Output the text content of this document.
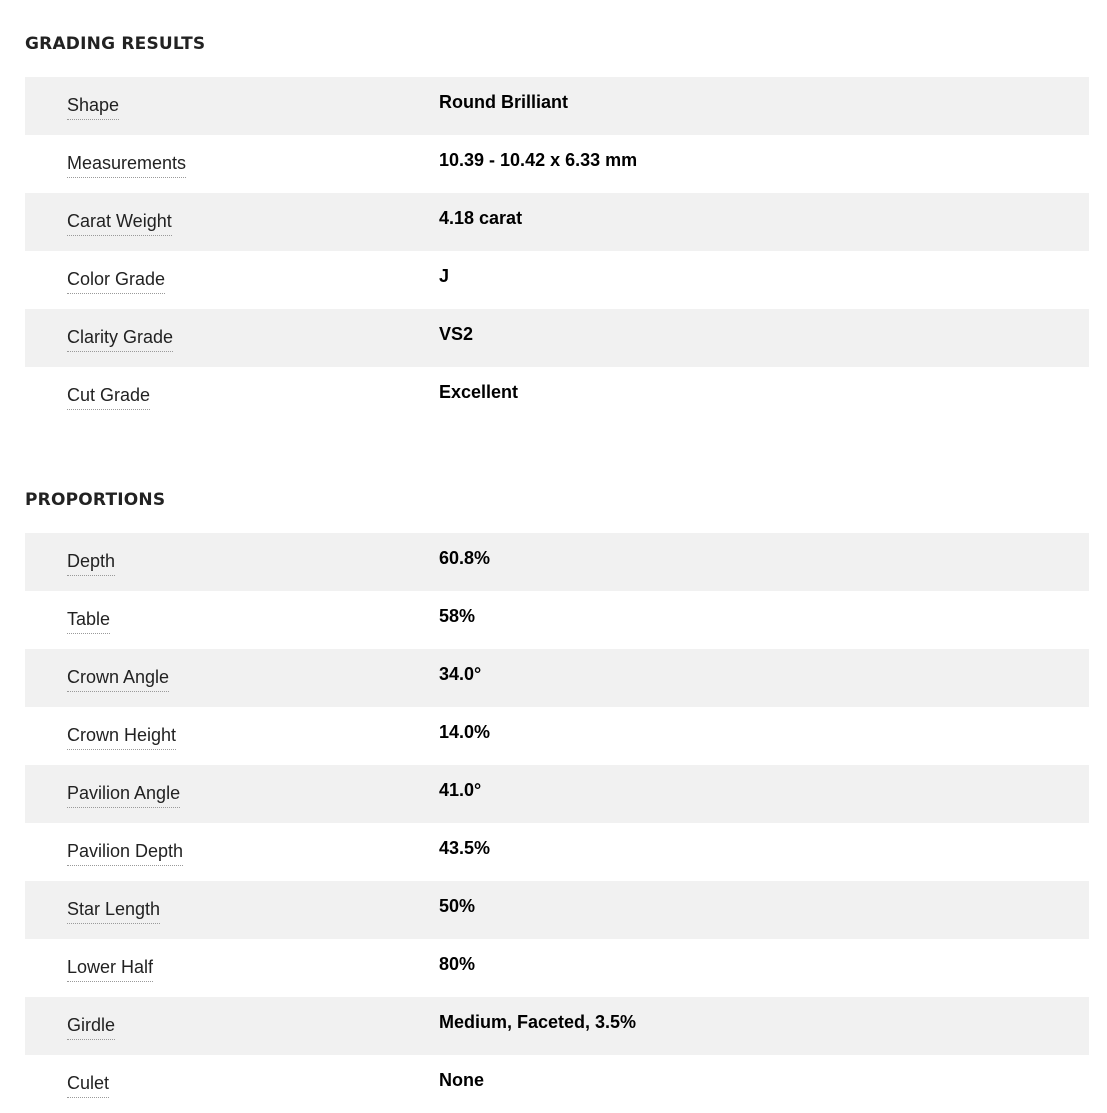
GRADING RESULTS
Shape	Round Brilliant
Measurements	10.39 - 10.42 x 6.33 mm
Carat Weight	4.18 carat
Color Grade	J
Clarity Grade	VS2
Cut Grade	Excellent
PROPORTIONS
Depth	60.8%
Table	58%
Crown Angle	34.0°
Crown Height	14.0%
Pavilion Angle	41.0°
Pavilion Depth	43.5%
Star Length	50%
Lower Half	80%
Girdle	Medium, Faceted, 3.5%
Culet	None
